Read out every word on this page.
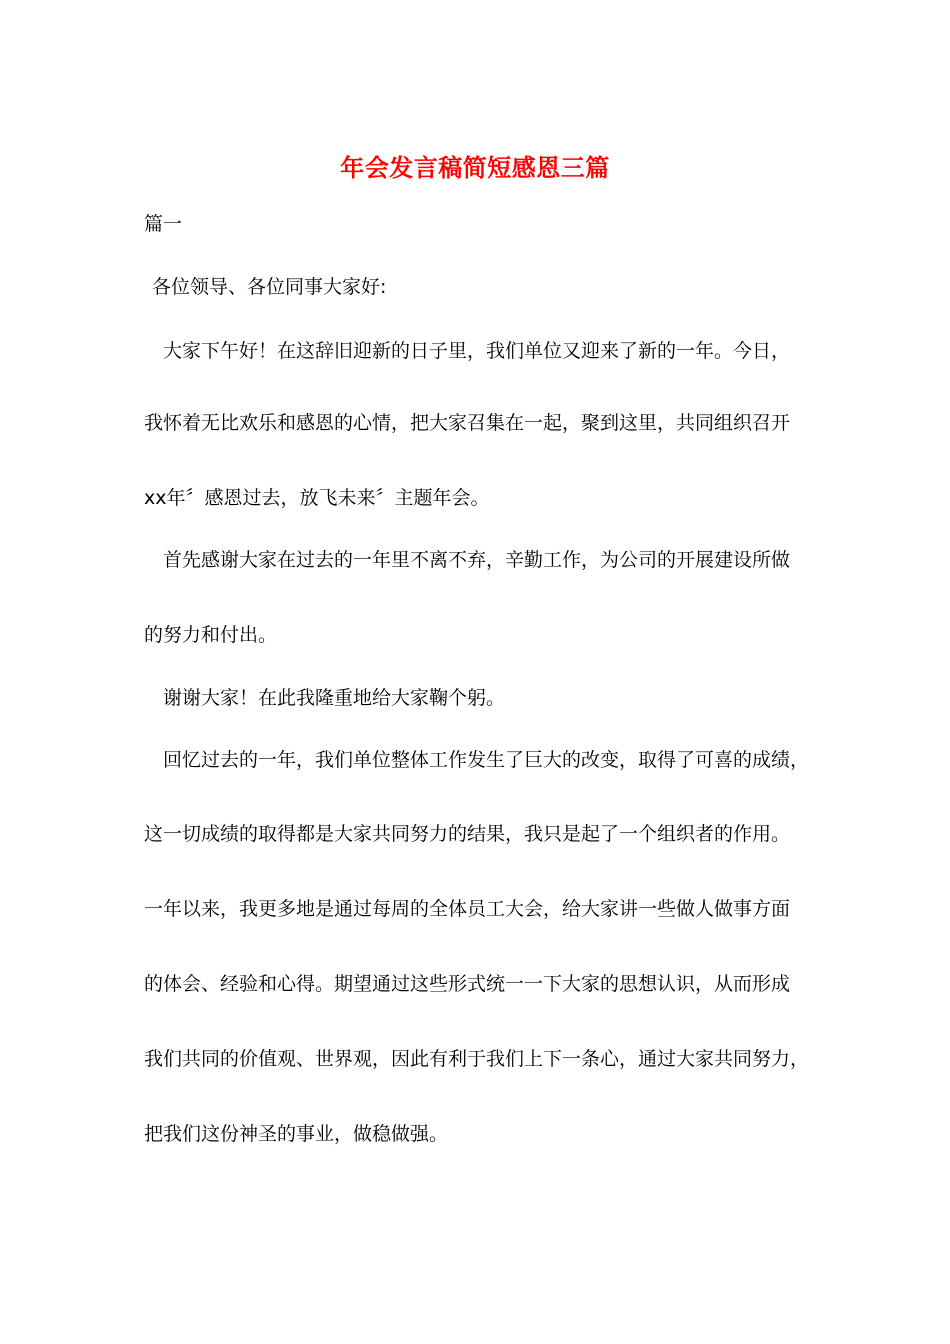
年会发言稿简短感恩三篇
篇一
各位领导、各位同事大家好:
大家下午好！在这辞旧迎新的日子里，我们单位又迎来了新的一年。今日，
我怀着无比欢乐和感恩的心情，把大家召集在一起，聚到这里，共同组织召开
xx年〞感恩过去，放飞未来〞主题年会。
首先感谢大家在过去的一年里不离不弃，辛勤工作，为公司的开展建设所做
的努力和付出。
谢谢大家！在此我隆重地给大家鞠个躬。
回忆过去的一年，我们单位整体工作发生了巨大的改变，取得了可喜的成绩，
这一切成绩的取得都是大家共同努力的结果，我只是起了一个组织者的作用。
一年以来，我更多地是通过每周的全体员工大会，给大家讲一些做人做事方面
的体会、经验和心得。期望通过这些形式统一一下大家的思想认识，从而形成
我们共同的价值观、世界观，因此有利于我们上下一条心，通过大家共同努力，
把我们这份神圣的事业，做稳做强。
